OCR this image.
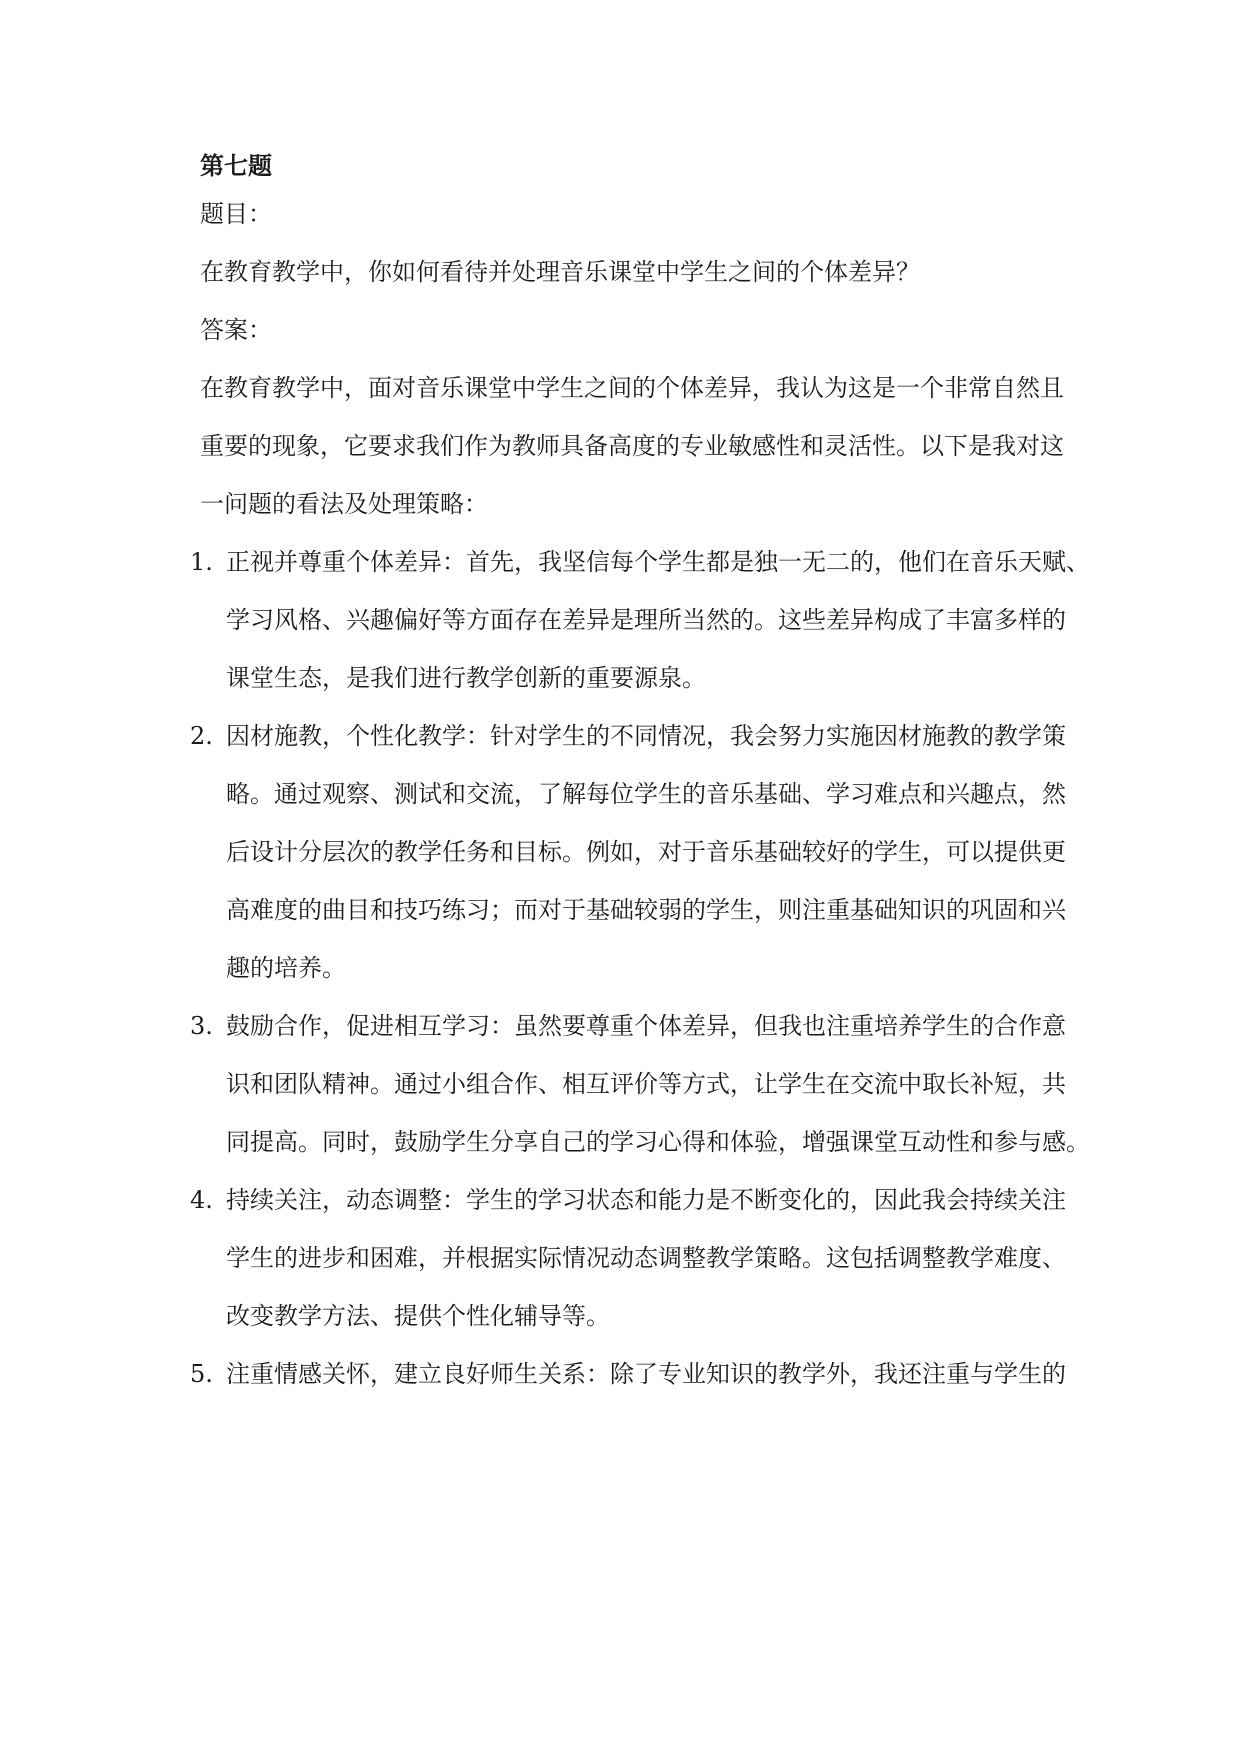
第七题

题目：

在教育教学中，你如何看待并处理音乐课堂中学生之间的个体差异？

答案：

在教育教学中，面对音乐课堂中学生之间的个体差异，我认为这是一个非常自然且

重要的现象，它要求我们作为教师具备高度的专业敏感性和灵活性。以下是我对这

一问题的看法及处理策略：

1. 正视并尊重个体差异：首先，我坚信每个学生都是独一无二的，他们在音乐天赋、

学习风格、兴趣偏好等方面存在差异是理所当然的。这些差异构成了丰富多样的

课堂生态，是我们进行教学创新的重要源泉。

2. 因材施教，个性化教学：针对学生的不同情况，我会努力实施因材施教的教学策

略。通过观察、测试和交流，了解每位学生的音乐基础、学习难点和兴趣点，然

后设计分层次的教学任务和目标。例如，对于音乐基础较好的学生，可以提供更

高难度的曲目和技巧练习；而对于基础较弱的学生，则注重基础知识的巩固和兴

趣的培养。

3. 鼓励合作，促进相互学习：虽然要尊重个体差异，但我也注重培养学生的合作意

识和团队精神。通过小组合作、相互评价等方式，让学生在交流中取长补短，共

同提高。同时，鼓励学生分享自己的学习心得和体验，增强课堂互动性和参与感。

4. 持续关注，动态调整：学生的学习状态和能力是不断变化的，因此我会持续关注

学生的进步和困难，并根据实际情况动态调整教学策略。这包括调整教学难度、

改变教学方法、提供个性化辅导等。

5. 注重情感关怀，建立良好师生关系：除了专业知识的教学外，我还注重与学生的
